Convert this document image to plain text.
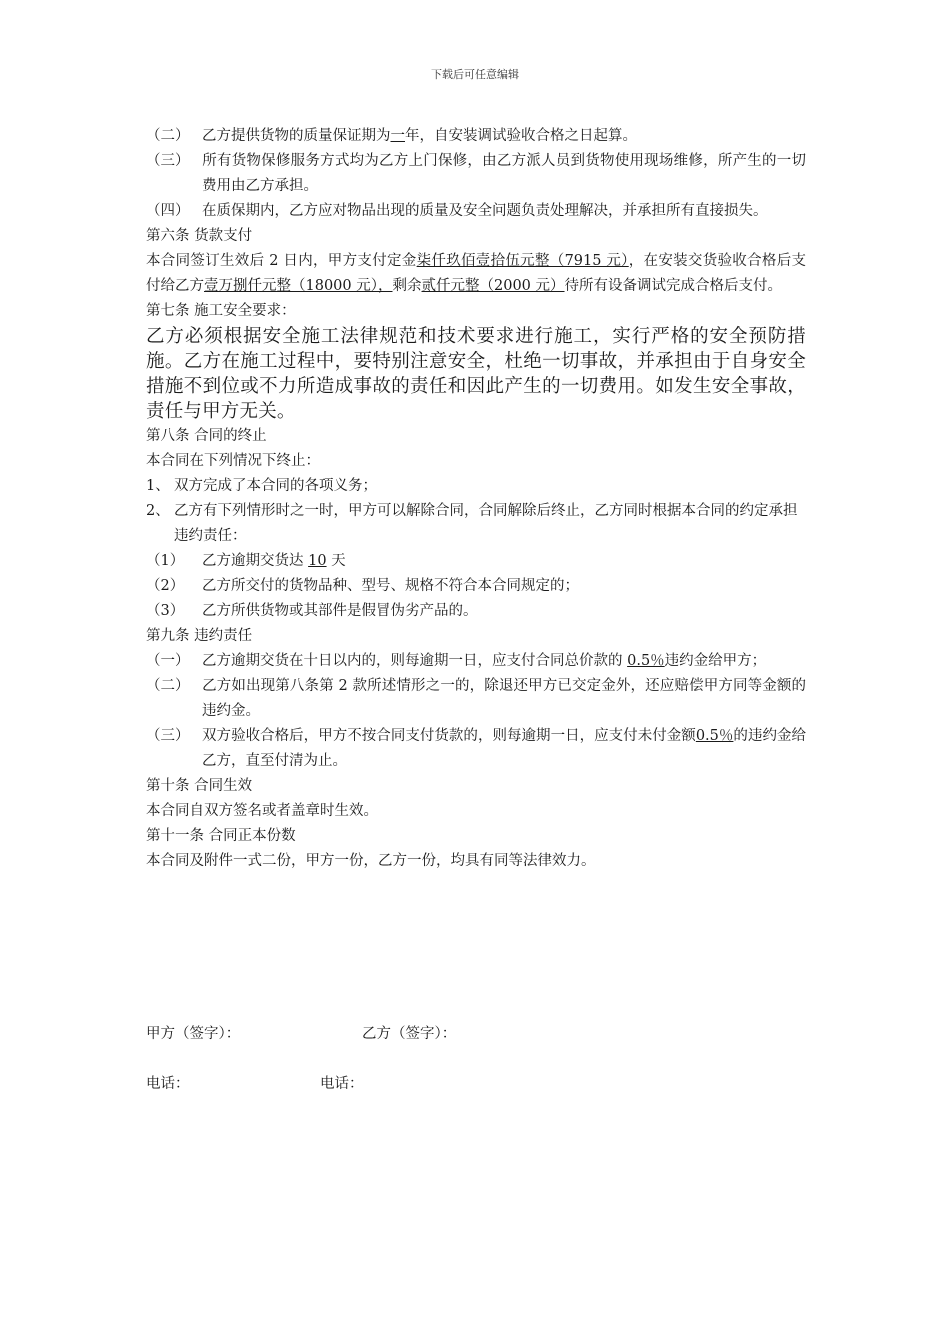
下载后可任意编辑
（二） 乙方提供货物的质量保证期为一年，自安装调试验收合格之日起算。
（三） 所有货物保修服务方式均为乙方上门保修，由乙方派人员到货物使用现场维修，所产生的一切费用由乙方承担。
（四） 在质保期内，乙方应对物品出现的质量及安全问题负责处理解决，并承担所有直接损失。
第六条 货款支付
本合同签订生效后 2 日内，甲方支付定金柒仟玖佰壹拾伍元整（7915 元），在安装交货验收合格后支付给乙方壹万捌仟元整（18000 元），剩余贰仟元整（2000 元）待所有设备调试完成合格后支付。
第七条 施工安全要求：
乙方必须根据安全施工法律规范和技术要求进行施工，实行严格的安全预防措施。乙方在施工过程中，要特别注意安全，杜绝一切事故，并承担由于自身安全措施不到位或不力所造成事故的责任和因此产生的一切费用。如发生安全事故，责任与甲方无关。
第八条 合同的终止
本合同在下列情况下终止：
1、 双方完成了本合同的各项义务；
2、 乙方有下列情形时之一时，甲方可以解除合同，合同解除后终止，乙方同时根据本合同的约定承担违约责任：
（1） 乙方逾期交货达 10 天
（2） 乙方所交付的货物品种、型号、规格不符合本合同规定的；
（3） 乙方所供货物或其部件是假冒伪劣产品的。
第九条 违约责任
（一） 乙方逾期交货在十日以内的，则每逾期一日，应支付合同总价款的 0.5％违约金给甲方；
（二） 乙方如出现第八条第 2 款所述情形之一的，除退还甲方已交定金外，还应赔偿甲方同等金额的违约金。
（三） 双方验收合格后，甲方不按合同支付货款的，则每逾期一日，应支付未付金额0.5％的违约金给乙方，直至付清为止。
第十条 合同生效
本合同自双方签名或者盖章时生效。
第十一条 合同正本份数
本合同及附件一式二份，甲方一份，乙方一份，均具有同等法律效力。
甲方（签字）：	乙方（签字）：
电话：	电话：
